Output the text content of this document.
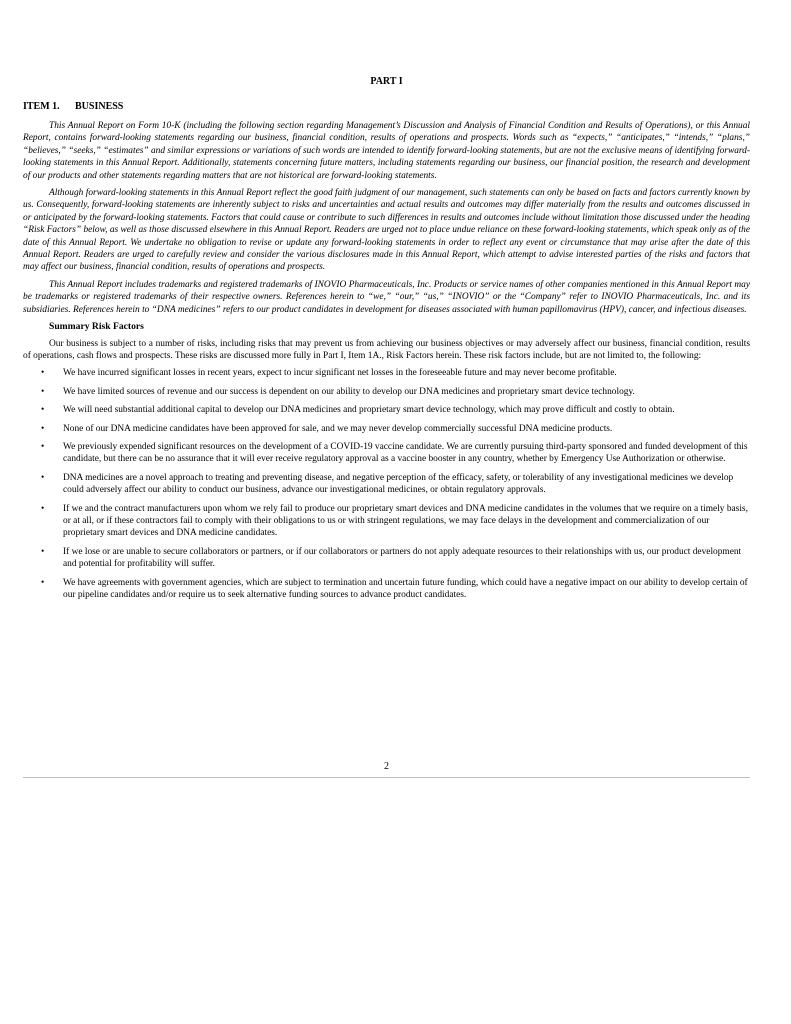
PART I
ITEM 1. BUSINESS

This Annual Report on Form 10-K (including the following section regarding Management’s Discussion and Analysis of Financial Condition and Results of Operations), or this Annual Report, contains forward-looking statements regarding our business, financial condition, results of operations and prospects. Words such as “expects,” “anticipates,” “intends,” “plans,” “believes,” “seeks,” “estimates” and similar expressions or variations of such words are intended to identify forward-looking statements, but are not the exclusive means of identifying forward-looking statements in this Annual Report. Additionally, statements concerning future matters, including statements regarding our business, our financial position, the research and development of our products and other statements regarding matters that are not historical are forward-looking statements.

Although forward-looking statements in this Annual Report reflect the good faith judgment of our management, such statements can only be based on facts and factors currently known by us. Consequently, forward-looking statements are inherently subject to risks and uncertainties and actual results and outcomes may differ materially from the results and outcomes discussed in or anticipated by the forward-looking statements. Factors that could cause or contribute to such differences in results and outcomes include without limitation those discussed under the heading “Risk Factors” below, as well as those discussed elsewhere in this Annual Report. Readers are urged not to place undue reliance on these forward-looking statements, which speak only as of the date of this Annual Report. We undertake no obligation to revise or update any forward-looking statements in order to reflect any event or circumstance that may arise after the date of this Annual Report. Readers are urged to carefully review and consider the various disclosures made in this Annual Report, which attempt to advise interested parties of the risks and factors that may affect our business, financial condition, results of operations and prospects.

This Annual Report includes trademarks and registered trademarks of INOVIO Pharmaceuticals, Inc. Products or service names of other companies mentioned in this Annual Report may be trademarks or registered trademarks of their respective owners. References herein to “we,” “our,” “us,” “INOVIO” or the “Company” refer to INOVIO Pharmaceuticals, Inc. and its subsidiaries. References herein to “DNA medicines” refers to our product candidates in development for diseases associated with human papillomavirus (HPV), cancer, and infectious diseases.

Summary Risk Factors

Our business is subject to a number of risks, including risks that may prevent us from achieving our business objectives or may adversely affect our business, financial condition, results of operations, cash flows and prospects. These risks are discussed more fully in Part I, Item 1A., Risk Factors herein. These risk factors include, but are not limited to, the following:

• We have incurred significant losses in recent years, expect to incur significant net losses in the foreseeable future and may never become profitable.
• We have limited sources of revenue and our success is dependent on our ability to develop our DNA medicines and proprietary smart device technology.
• We will need substantial additional capital to develop our DNA medicines and proprietary smart device technology, which may prove difficult and costly to obtain.
• None of our DNA medicine candidates have been approved for sale, and we may never develop commercially successful DNA medicine products.
• We previously expended significant resources on the development of a COVID-19 vaccine candidate. We are currently pursuing third-party sponsored and funded development of this candidate, but there can be no assurance that it will ever receive regulatory approval as a vaccine booster in any country, whether by Emergency Use Authorization or otherwise.
• DNA medicines are a novel approach to treating and preventing disease, and negative perception of the efficacy, safety, or tolerability of any investigational medicines we develop could adversely affect our ability to conduct our business, advance our investigational medicines, or obtain regulatory approvals.
• If we and the contract manufacturers upon whom we rely fail to produce our proprietary smart devices and DNA medicine candidates in the volumes that we require on a timely basis, or at all, or if these contractors fail to comply with their obligations to us or with stringent regulations, we may face delays in the development and commercialization of our proprietary smart devices and DNA medicine candidates.
• If we lose or are unable to secure collaborators or partners, or if our collaborators or partners do not apply adequate resources to their relationships with us, our product development and potential for profitability will suffer.
• We have agreements with government agencies, which are subject to termination and uncertain future funding, which could have a negative impact on our ability to develop certain of our pipeline candidates and/or require us to seek alternative funding sources to advance product candidates.
2
